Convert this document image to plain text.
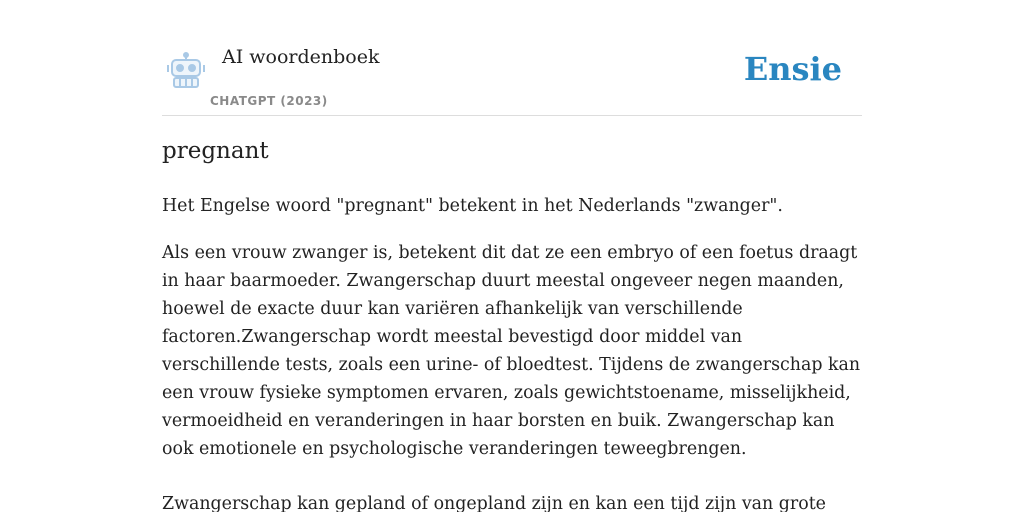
AI woordenboek
CHATGPT (2023)
Ensie
pregnant

Het Engelse woord "pregnant" betekent in het Nederlands "zwanger".

Als een vrouw zwanger is, betekent dit dat ze een embryo of een foetus draagt in haar baarmoeder. Zwangerschap duurt meestal ongeveer negen maanden, hoewel de exacte duur kan variëren afhankelijk van verschillende factoren.Zwangerschap wordt meestal bevestigd door middel van verschillende tests, zoals een urine- of bloedtest. Tijdens de zwangerschap kan een vrouw fysieke symptomen ervaren, zoals gewichtstoename, misselijkheid, vermoeidheid en veranderingen in haar borsten en buik. Zwangerschap kan ook emotionele en psychologische veranderingen teweegbrengen.

Zwangerschap kan gepland of ongepland zijn en kan een tijd zijn van grote
